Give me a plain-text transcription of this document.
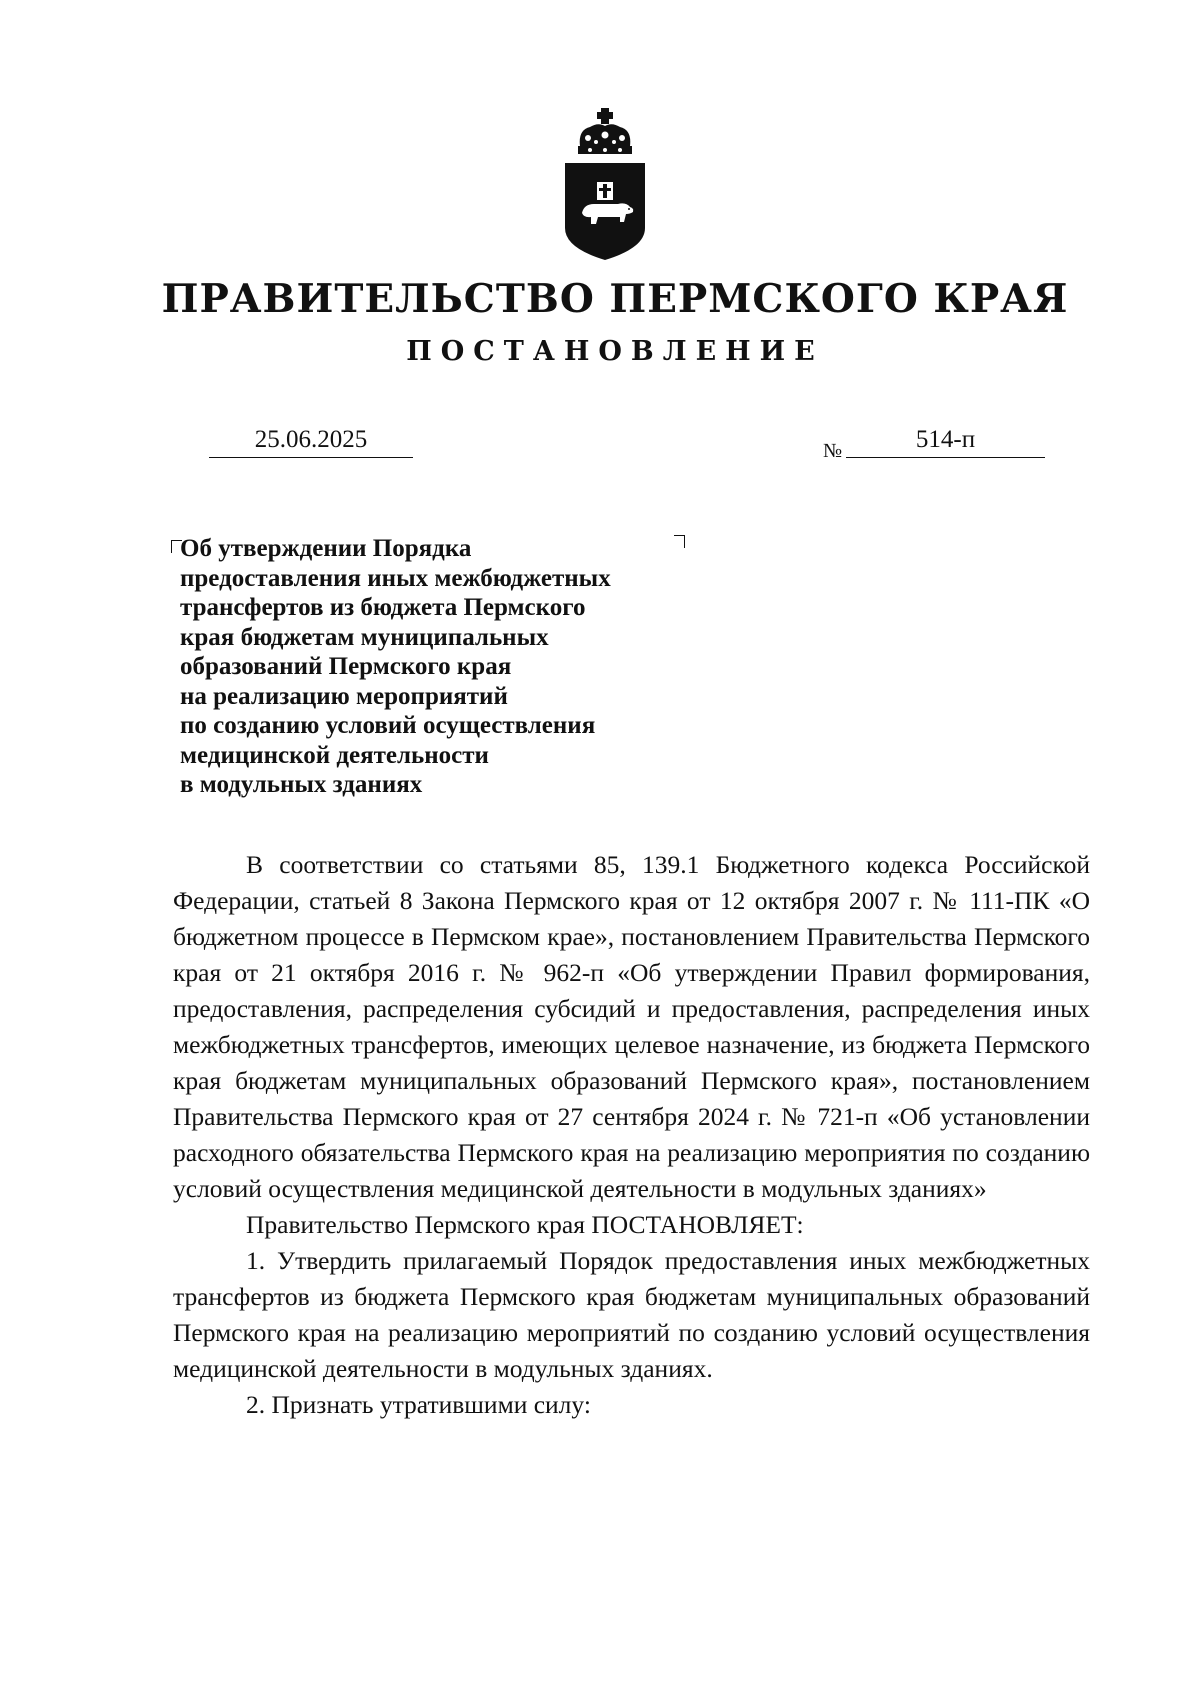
ПРАВИТЕЛЬСТВО ПЕРМСКОГО КРАЯ
ПОСТАНОВЛЕНИЕ
25.06.2025	№	514-п
Об утверждении Порядка
предоставления иных межбюджетных
трансфертов из бюджета Пермского
края бюджетам муниципальных
образований Пермского края
на реализацию мероприятий
по созданию условий осуществления
медицинской деятельности
в модульных зданиях

В соответствии со статьями 85, 139.1 Бюджетного кодекса Российской Федерации, статьей 8 Закона Пермского края от 12 октября 2007 г. № 111-ПК «О бюджетном процессе в Пермском крае», постановлением Правительства Пермского края от 21 октября 2016 г. № 962-п «Об утверждении Правил формирования, предоставления, распределения субсидий и предоставления, распределения иных межбюджетных трансфертов, имеющих целевое назначение, из бюджета Пермского края бюджетам муниципальных образований Пермского края», постановлением Правительства Пермского края от 27 сентября 2024 г. № 721-п «Об установлении расходного обязательства Пермского края на реализацию мероприятия по созданию условий осуществления медицинской деятельности в модульных зданиях»

Правительство Пермского края ПОСТАНОВЛЯЕТ:

1. Утвердить прилагаемый Порядок предоставления иных межбюджетных трансфертов из бюджета Пермского края бюджетам муниципальных образований Пермского края на реализацию мероприятий по созданию условий осуществления медицинской деятельности в модульных зданиях.

2. Признать утратившими силу:
